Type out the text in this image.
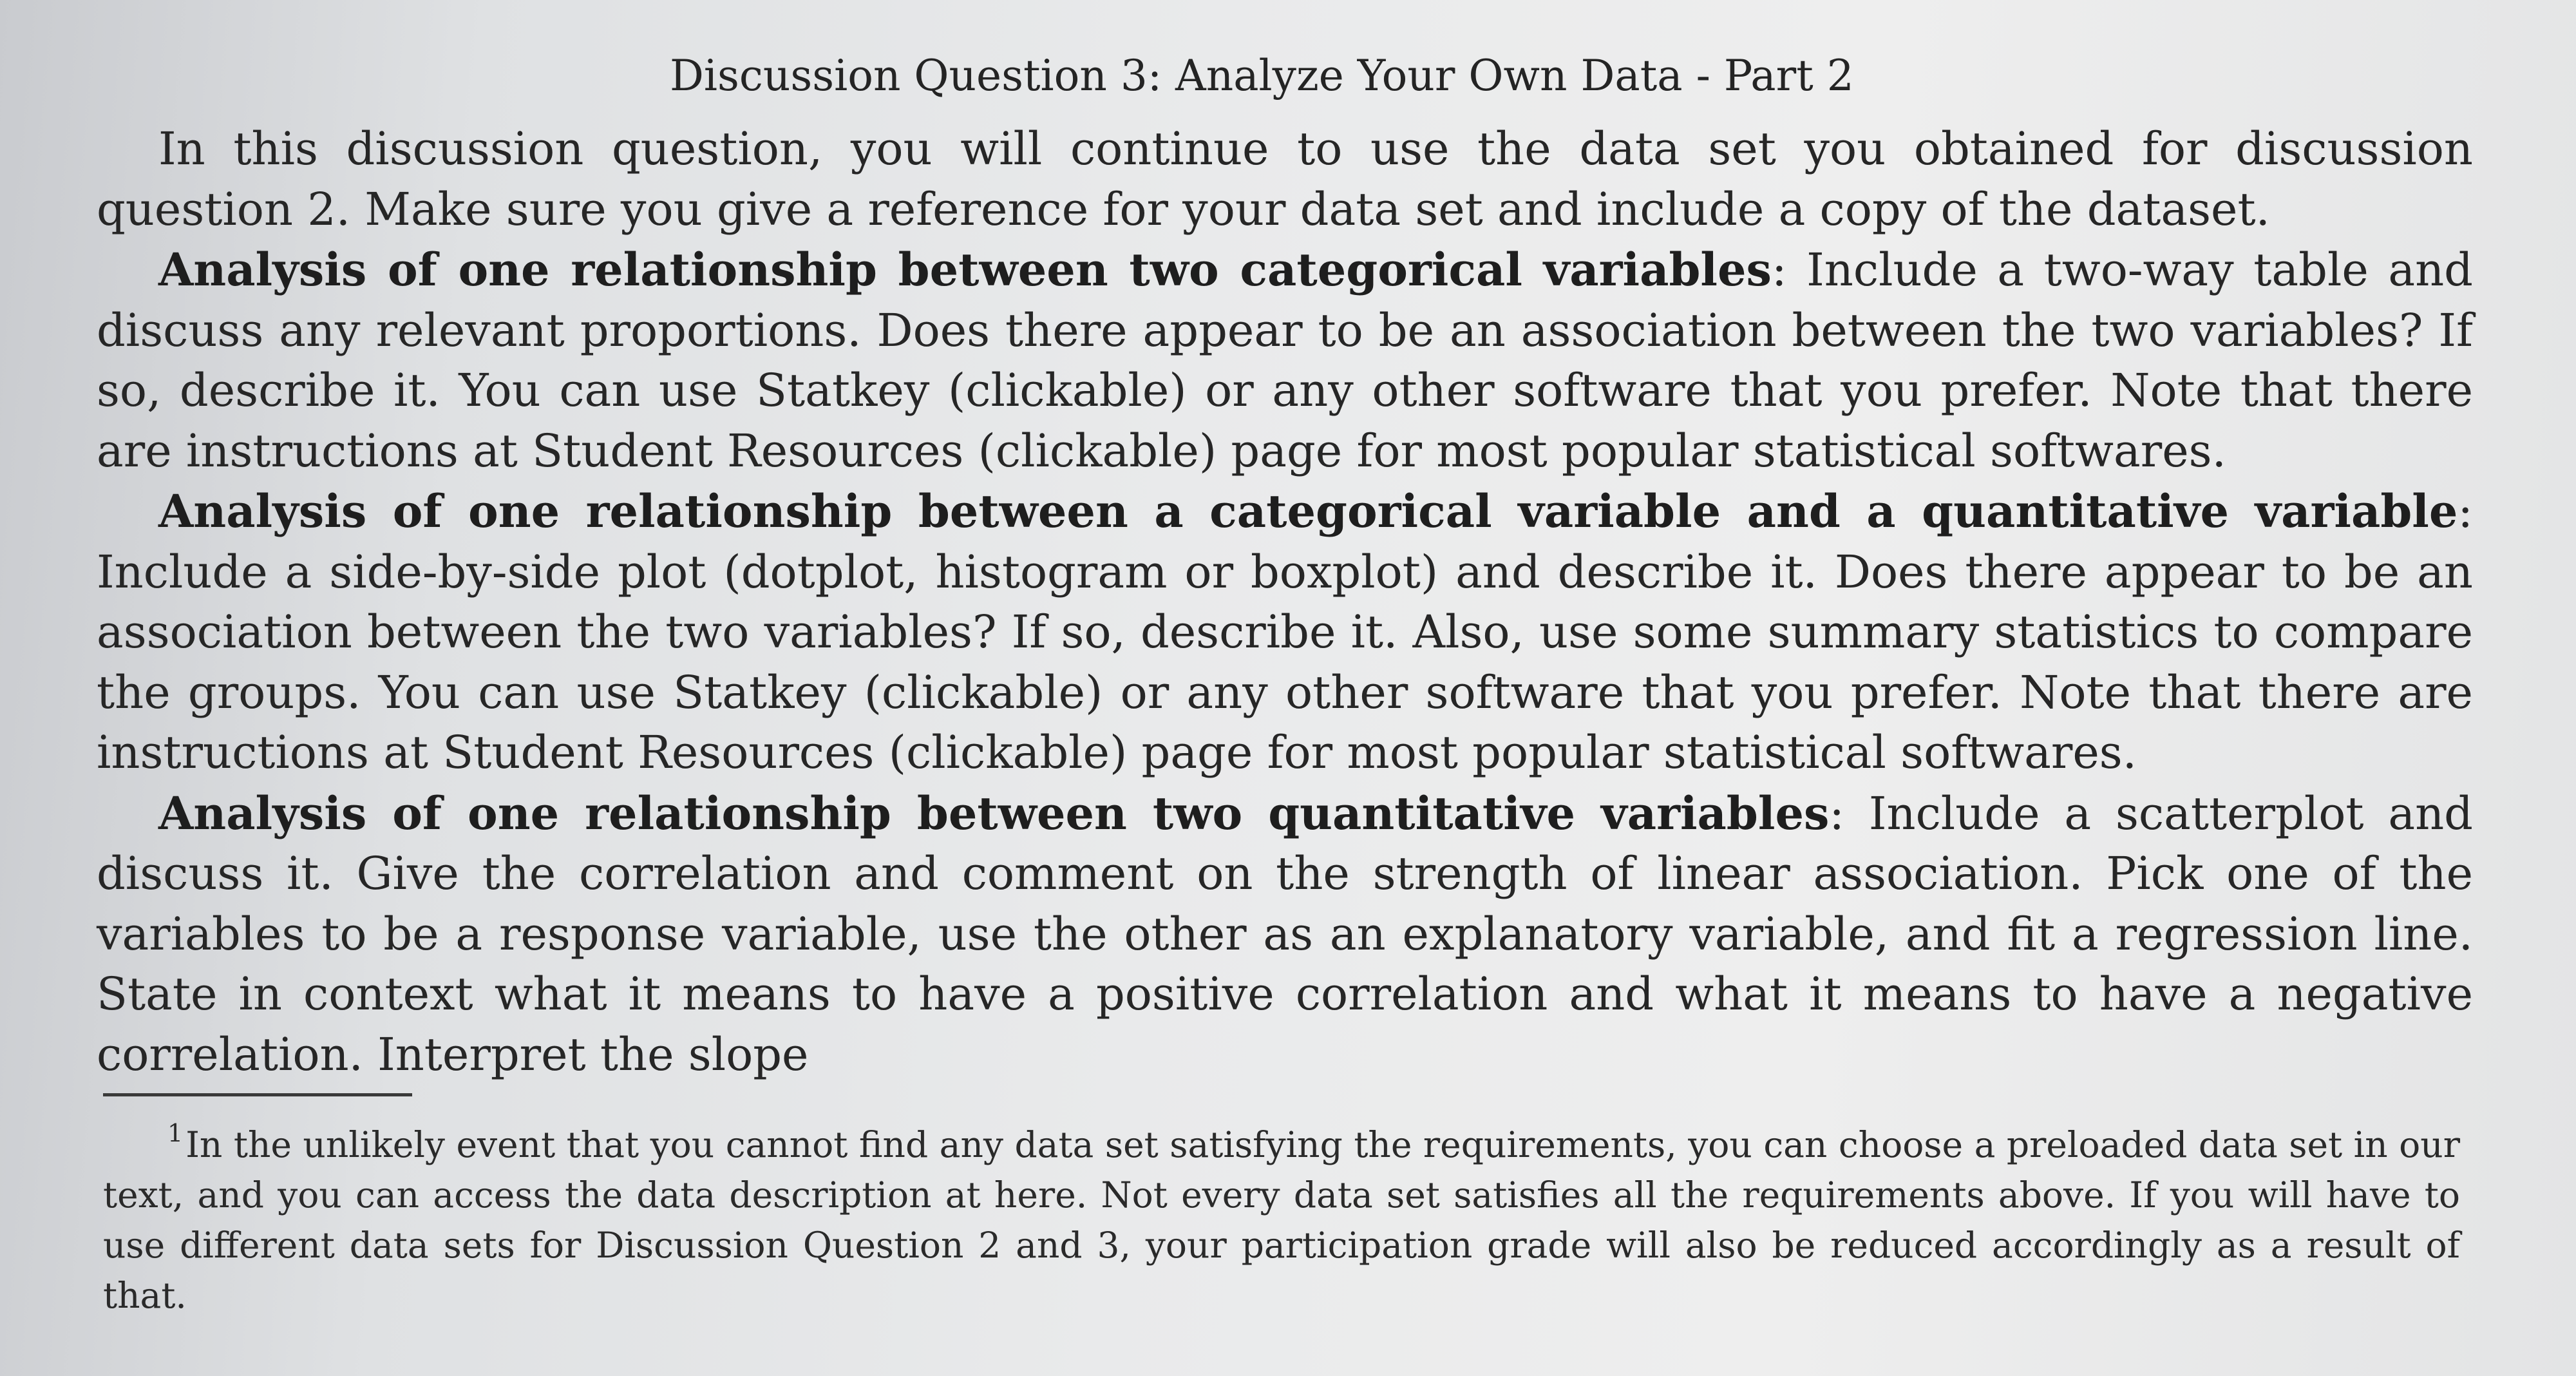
Discussion Question 3: Analyze Your Own Data - Part 2

In this discussion question, you will continue to use the data set you obtained for discussion question 2. Make sure you give a reference for your data set and include a copy of the dataset.

Analysis of one relationship between two categorical variables: Include a two-way table and discuss any relevant proportions. Does there appear to be an association between the two variables? If so, describe it. You can use Statkey (clickable) or any other software that you prefer. Note that there are instructions at Student Resources (clickable) page for most popular statistical softwares.

Analysis of one relationship between a categorical variable and a quantitative variable: Include a side-by-side plot (dotplot, histogram or boxplot) and describe it. Does there appear to be an association between the two variables? If so, describe it. Also, use some summary statistics to compare the groups. You can use Statkey (clickable) or any other software that you prefer. Note that there are instructions at Student Resources (clickable) page for most popular statistical softwares.

Analysis of one relationship between two quantitative variables: Include a scatterplot and discuss it. Give the correlation and comment on the strength of linear association. Pick one of the variables to be a response variable, use the other as an explanatory variable, and fit a regression line. State in context what it means to have a positive correlation and what it means to have a negative correlation. Interpret the slope

$^1$In the unlikely event that you cannot find any data set satisfying the requirements, you can choose a preloaded data set in our text, and you can access the data description at here. Not every data set satisfies all the requirements above. If you will have to use different data sets for Discussion Question 2 and 3, your participation grade will also be reduced accordingly as a result of that.
